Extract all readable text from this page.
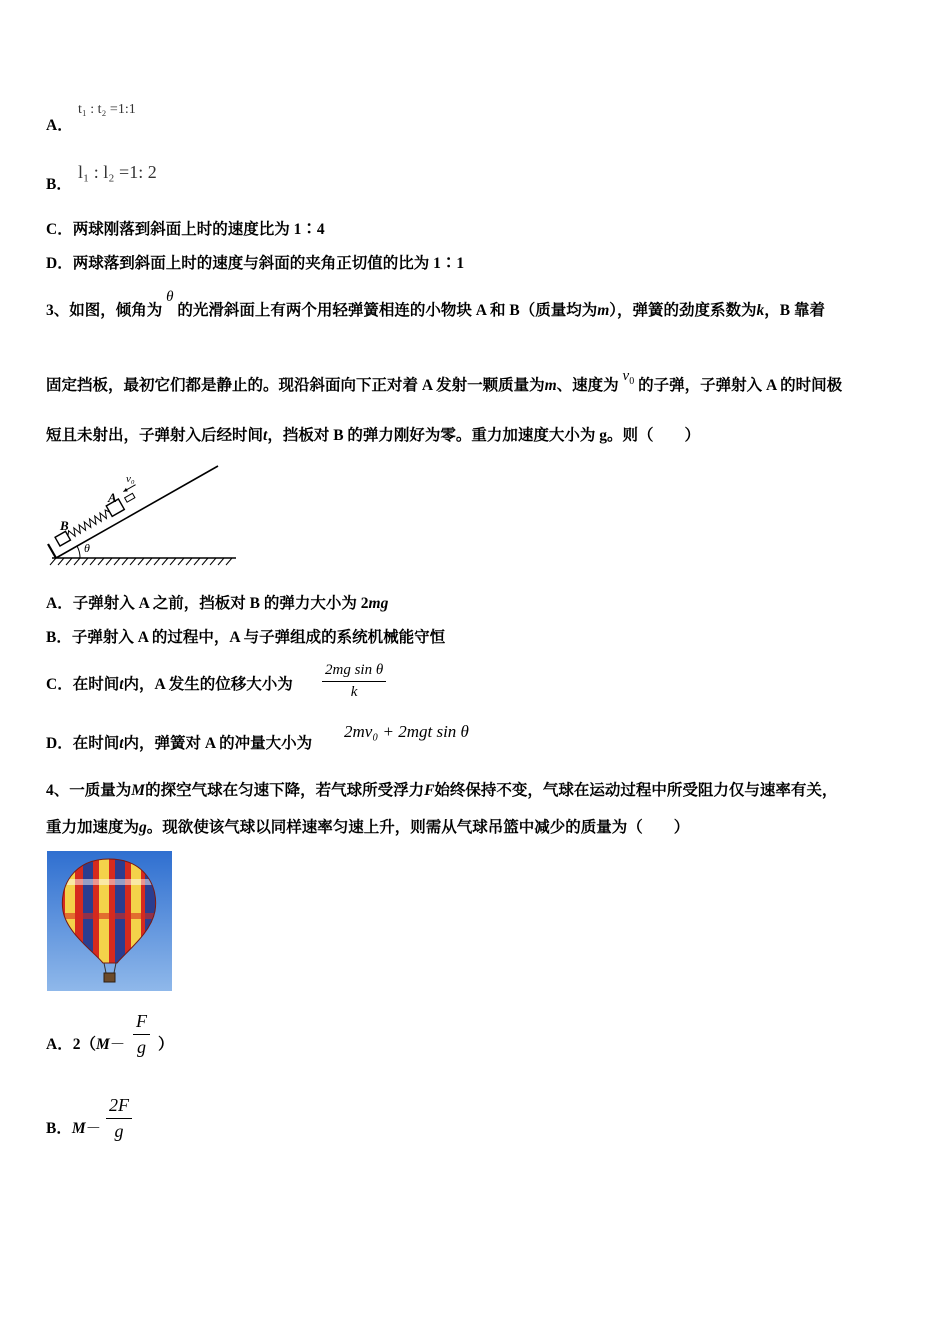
A．
t₁ : t₂ =1:1
B．
l₁ : l₂ =1: 2
C．两球刚落到斜面上时的速度比为 1∶4
D．两球落到斜面上时的速度与斜面的夹角正切值的比为 1∶1
3、如图，倾角为 θ 的光滑斜面上有两个用轻弹簧相连的小物块 A 和 B（质量均为m），弹簧的劲度系数为k，B 靠着
固定挡板，最初它们都是静止的。现沿斜面向下正对着 A 发射一颗质量为m、速度为 $v_0$ 的子弹，子弹射入 A 的时间极
短且未射出，子弹射入后经时间t，挡板对 B 的弹力刚好为零。重力加速度大小为 g。则（　　）
θ
B
A
v₀
A．子弹射入 A 之前，挡板对 B 的弹力大小为 2mg
B．子弹射入 A 的过程中，A 与子弹组成的系统机械能守恒
C．在时间t内，A 发生的位移大小为 $\frac{\text{2mg sin θ}}{k}$
D．在时间t内，弹簧对 A 的冲量大小为
2mv₀ + 2mgt sin θ
4、一质量为M的探空气球在匀速下降，若气球所受浮力F始终保持不变，气球在运动过程中所受阻力仅与速率有关，
重力加速度为g。现欲使该气球以同样速率匀速上升，则需从气球吊篮中减少的质量为（　　）
A．$2(M- \frac{F}{g}$ ）
B．$M- \frac{2F}{g}$
